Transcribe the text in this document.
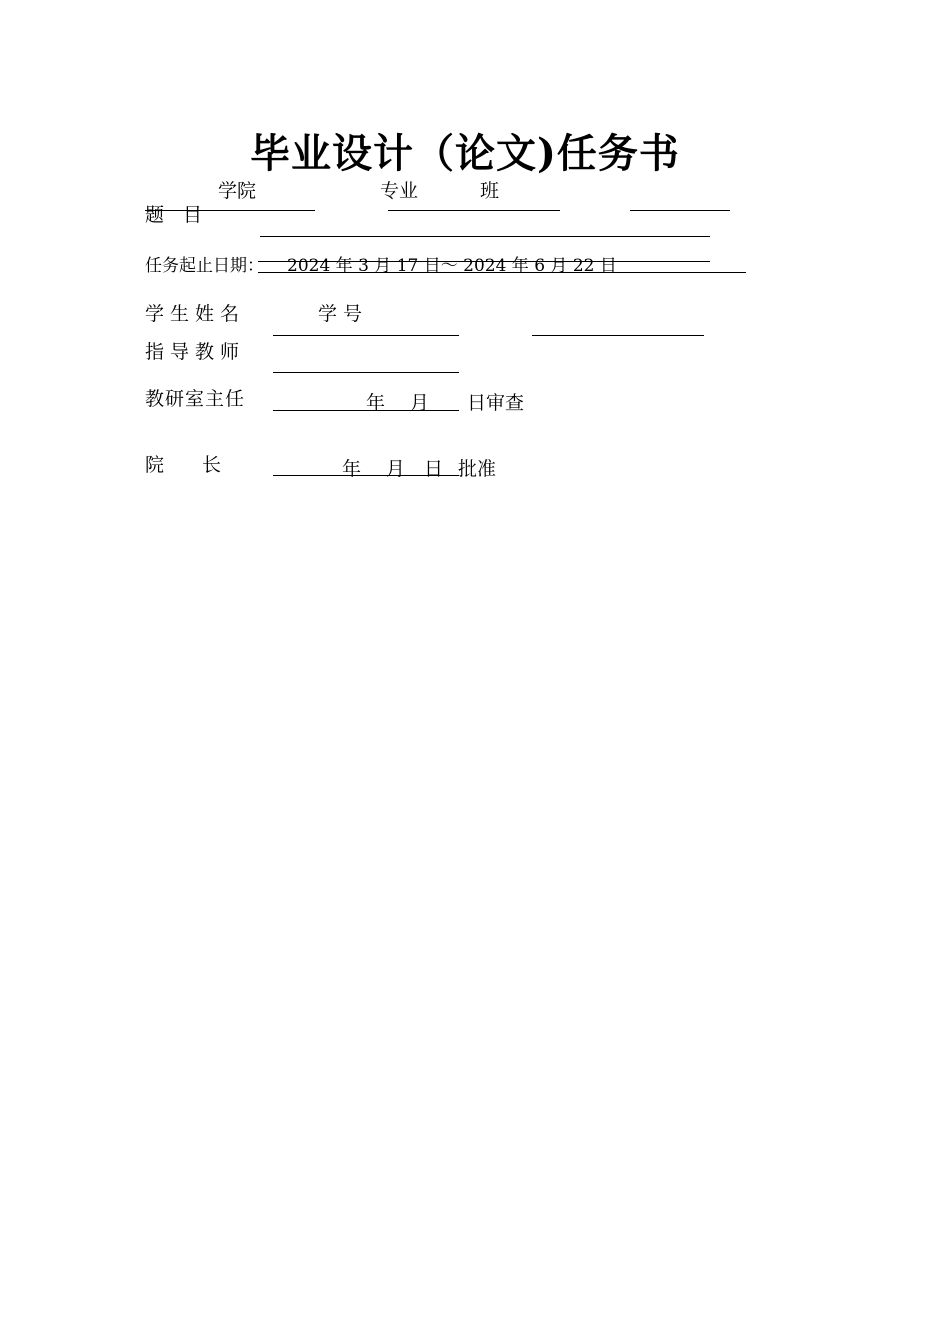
毕业设计（论文)任务书
学院	专业	班
题　目
任务起止日期： 2024 年 3 月 17 日～ 2024 年 6 月 22 日
学生姓名	学号
指导教师
教研室主任	年　 月 日审查
院　　长	年　 月　日 批准
